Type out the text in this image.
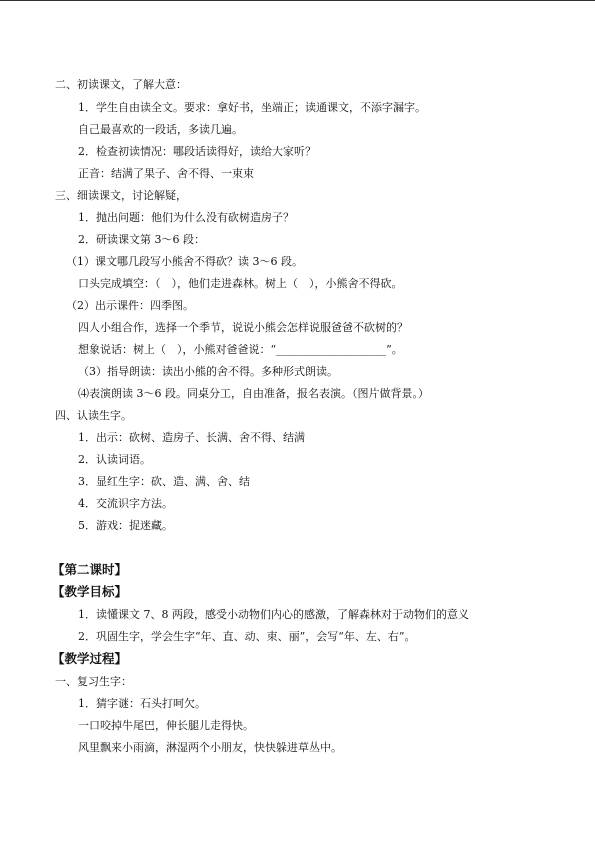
二、初读课文，了解大意：
1．学生自由读全文。要求：拿好书，坐端正；读通课文，不添字漏字。
自己最喜欢的一段话，多读几遍。
2．检查初读情况：哪段话读得好，读给大家听？
正音：结满了果子、舍不得、一束束
三、细读课文，讨论解疑，
1．抛出问题：他们为什么没有砍树造房子？
2．研读课文第 3～6 段：
（1）课文哪几段写小熊舍不得砍？读 3～6 段。
口头完成填空：（　），他们走进森林。树上（　），小熊舍不得砍。
（2）出示课件：四季图。
四人小组合作，选择一个季节，说说小熊会怎样说服爸爸不砍树的？
想象说话：树上（　），小熊对爸爸说：“____________________”。
（3）指导朗读：读出小熊的舍不得。多种形式朗读。
⑷表演朗读 3～6 段。同桌分工，自由准备，报名表演。（图片做背景。）
四、认读生字。
1．出示：砍树、造房子、长满、舍不得、结满
2．认读词语。
3．显红生字：砍、造、满、舍、结
4．交流识字方法。
5．游戏：捉迷藏。
【第二课时】
【教学目标】
1．读懂课文 7、8 两段，感受小动物们内心的感激，了解森林对于动物们的意义
2．巩固生字，学会生字“年、直、动、束、丽”，会写“年、左、右”。
【教学过程】
一、复习生字：
1．猜字谜：石头打呵欠。
一口咬掉牛尾巴，伸长腿儿走得快。
风里飘来小雨滴，淋湿两个小朋友，快快躲进草丛中。
